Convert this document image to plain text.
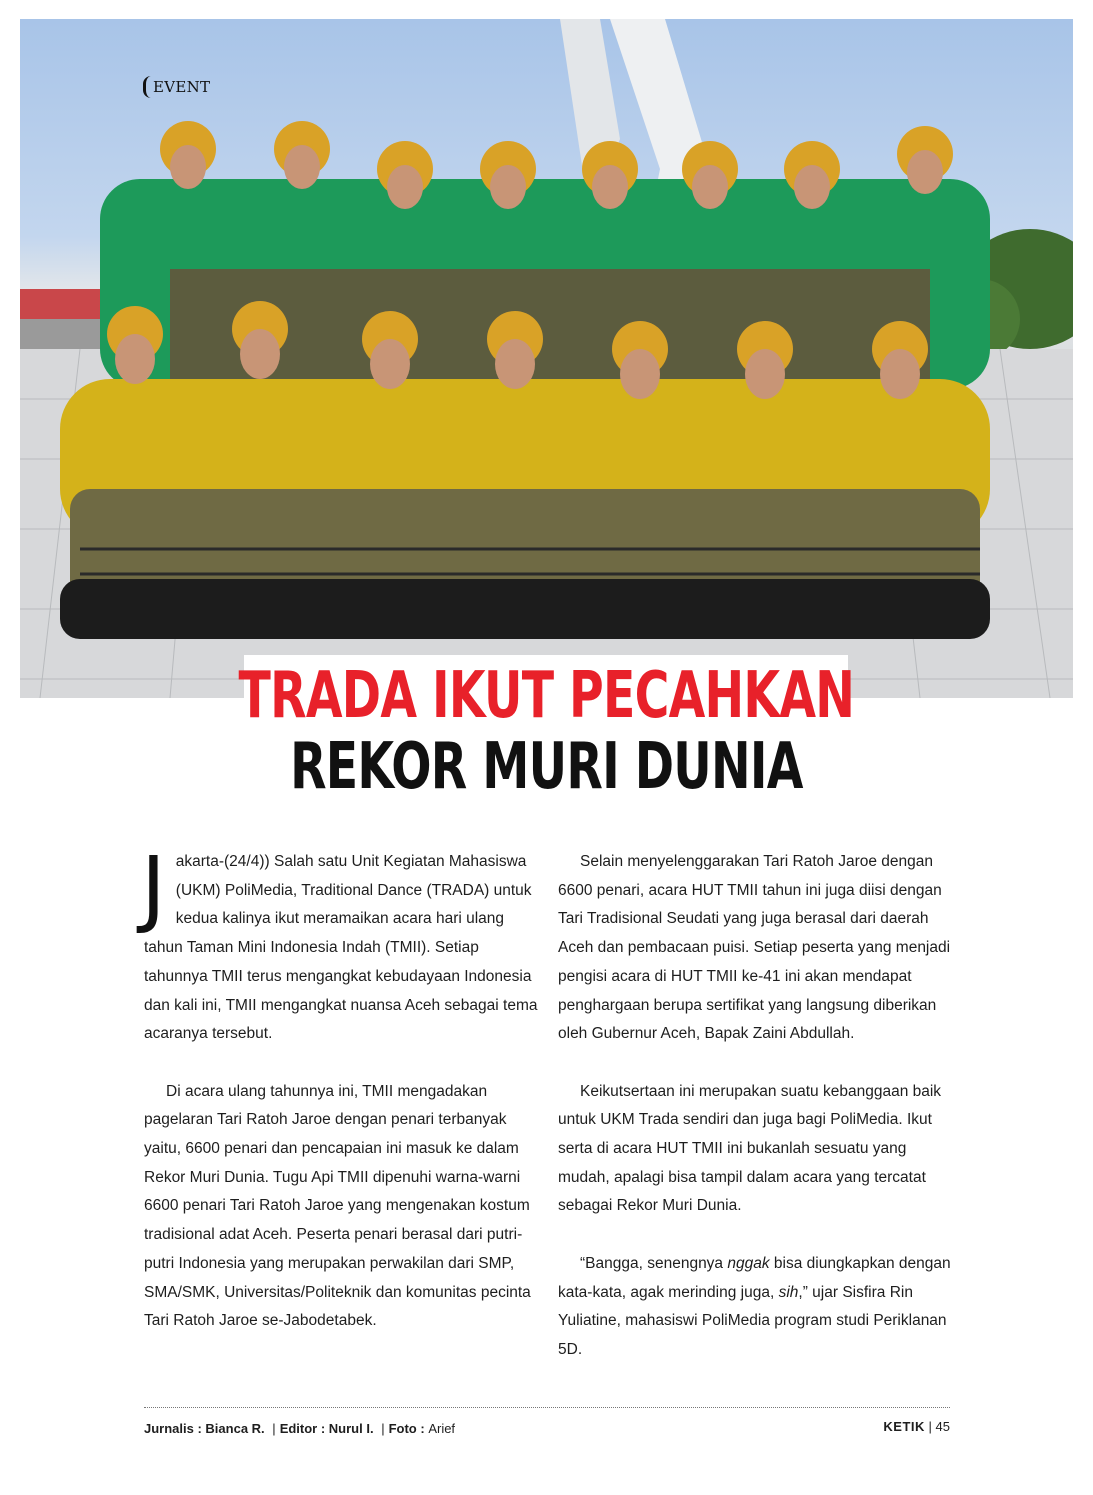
EVENT
TRADA IKUT PECAHKAN
REKOR MURI DUNIA

Jakarta-(24/4)) Salah satu Unit Kegiatan Mahasiswa (UKM) PoliMedia, Traditional Dance (TRADA) untuk kedua kalinya ikut meramaikan acara hari ulang tahun Taman Mini Indonesia Indah (TMII). Setiap tahunnya TMII terus mengangkat kebudayaan Indonesia dan kali ini, TMII mengangkat nuansa Aceh sebagai tema acaranya tersebut.

Di acara ulang tahunnya ini, TMII mengadakan pagelaran Tari Ratoh Jaroe dengan penari terbanyak yaitu, 6600 penari dan pencapaian ini masuk ke dalam Rekor Muri Dunia. Tugu Api TMII dipenuhi warna-warni 6600 penari Tari Ratoh Jaroe yang mengenakan kostum tradisional adat Aceh. Peserta penari berasal dari putri-putri Indonesia yang merupakan perwakilan dari SMP, SMA/SMK, Universitas/Politeknik dan komunitas pecinta Tari Ratoh Jaroe se-Jabodetabek.

Selain menyelenggarakan Tari Ratoh Jaroe dengan 6600 penari, acara HUT TMII tahun ini juga diisi dengan Tari Tradisional Seudati yang juga berasal dari daerah Aceh dan pembacaan puisi. Setiap peserta yang menjadi pengisi acara di HUT TMII ke-41 ini akan mendapat penghargaan berupa sertifikat yang langsung diberikan oleh Gubernur Aceh, Bapak Zaini Abdullah.

Keikutsertaan ini merupakan suatu kebanggaan baik untuk UKM Trada sendiri dan juga bagi PoliMedia. Ikut serta di acara HUT TMII ini bukanlah sesuatu yang mudah, apalagi bisa tampil dalam acara yang tercatat sebagai Rekor Muri Dunia.

“Bangga, senengnya nggak bisa diungkapkan dengan kata-kata, agak merinding juga, sih,” ujar Sisfira Rin Yuliatine, mahasiswi PoliMedia program studi Periklanan 5D.

Jurnalis : Bianca R. | Editor : Nurul I. | Foto : Arief	KETIK | 45
